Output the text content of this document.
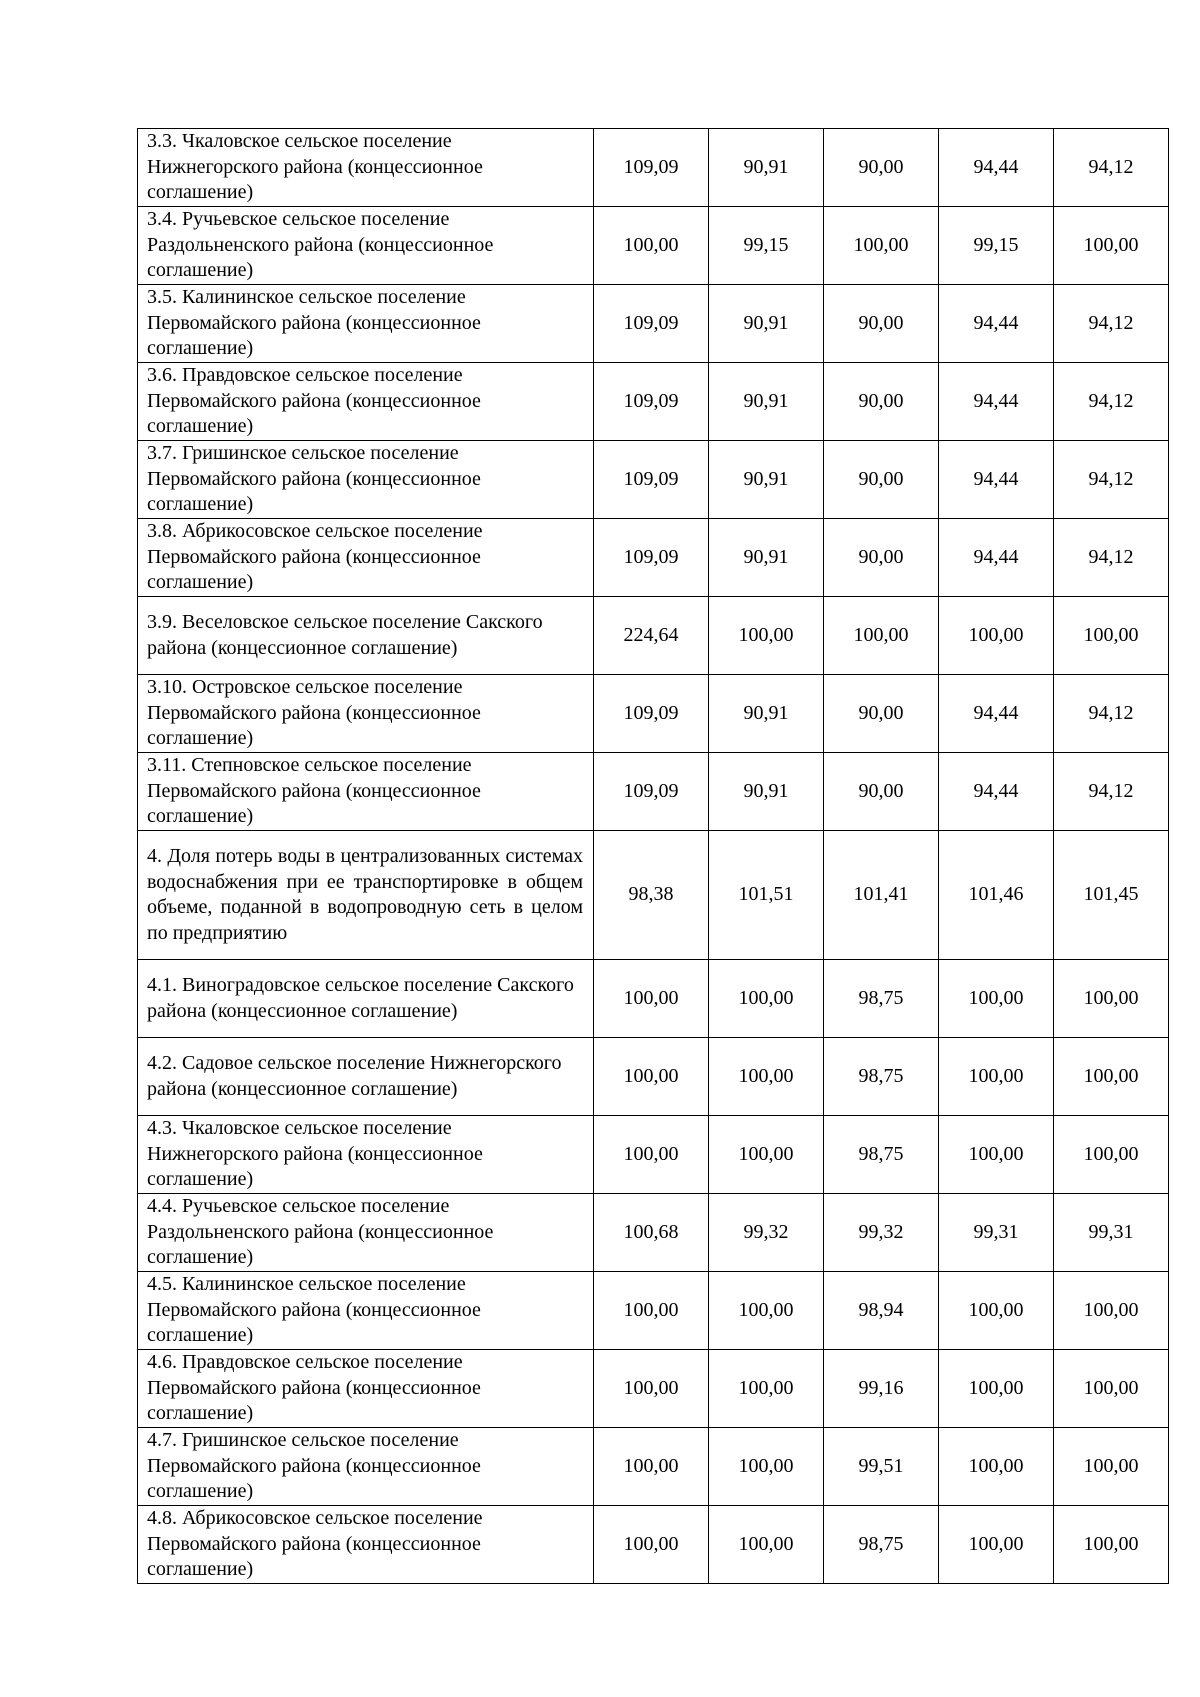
3.3. Чкаловское сельское поселение Нижнегорского района (концессионное соглашение)	109,09	90,91	90,00	94,44	94,12
3.4. Ручьевское сельское поселение Раздольненского района (концессионное соглашение)	100,00	99,15	100,00	99,15	100,00
3.5. Калининское сельское поселение Первомайского района (концессионное соглашение)	109,09	90,91	90,00	94,44	94,12
3.6. Правдовское сельское поселение Первомайского района (концессионное соглашение)	109,09	90,91	90,00	94,44	94,12
3.7. Гришинское сельское поселение Первомайского района (концессионное соглашение)	109,09	90,91	90,00	94,44	94,12
3.8. Абрикосовское сельское поселение Первомайского района (концессионное соглашение)	109,09	90,91	90,00	94,44	94,12
3.9. Веселовское сельское поселение Сакского района (концессионное соглашение)	224,64	100,00	100,00	100,00	100,00
3.10. Островское сельское поселение Первомайского района (концессионное соглашение)	109,09	90,91	90,00	94,44	94,12
3.11. Степновское сельское поселение Первомайского района (концессионное соглашение)	109,09	90,91	90,00	94,44	94,12
4. Доля потерь воды в централизованных системах водоснабжения при ее транспортировке в общем объеме, поданной в водопроводную сеть в целом по предприятию	98,38	101,51	101,41	101,46	101,45
4.1. Виноградовское сельское поселение Сакского района (концессионное соглашение)	100,00	100,00	98,75	100,00	100,00
4.2. Садовое сельское поселение Нижнегорского района (концессионное соглашение)	100,00	100,00	98,75	100,00	100,00
4.3. Чкаловское сельское поселение Нижнегорского района (концессионное соглашение)	100,00	100,00	98,75	100,00	100,00
4.4. Ручьевское сельское поселение Раздольненского района (концессионное соглашение)	100,68	99,32	99,32	99,31	99,31
4.5. Калининское сельское поселение Первомайского района (концессионное соглашение)	100,00	100,00	98,94	100,00	100,00
4.6. Правдовское сельское поселение Первомайского района (концессионное соглашение)	100,00	100,00	99,16	100,00	100,00
4.7. Гришинское сельское поселение Первомайского района (концессионное соглашение)	100,00	100,00	99,51	100,00	100,00
4.8. Абрикосовское сельское поселение Первомайского района (концессионное соглашение)	100,00	100,00	98,75	100,00	100,00
